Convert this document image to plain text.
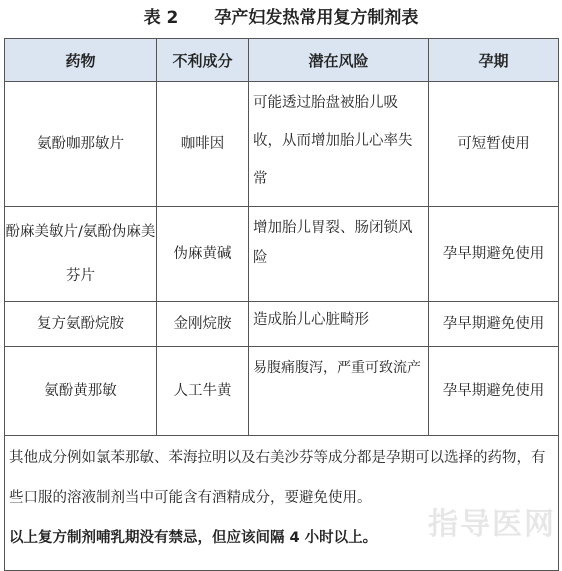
表 2 孕产妇发热常用复方制剂表
药物	不利成分	潜在风险	孕期
氨酚咖那敏片	咖啡因	可能透过胎盘被胎儿吸收，从而增加胎儿心率失常	可短暂使用
酚麻美敏片/氨酚伪麻美芬片	伪麻黄碱	增加胎儿胃裂、肠闭锁风险	孕早期避免使用
复方氨酚烷胺	金刚烷胺	造成胎儿心脏畸形	孕早期避免使用
氨酚黄那敏	人工牛黄	易腹痛腹泻，严重可致流产	孕早期避免使用
其他成分例如氯苯那敏、苯海拉明以及右美沙芬等成分都是孕期可以选择的药物，有些口服的溶液制剂当中可能含有酒精成分，要避免使用。
以上复方制剂哺乳期没有禁忌，但应该间隔 4 小时以上。				指导医网
